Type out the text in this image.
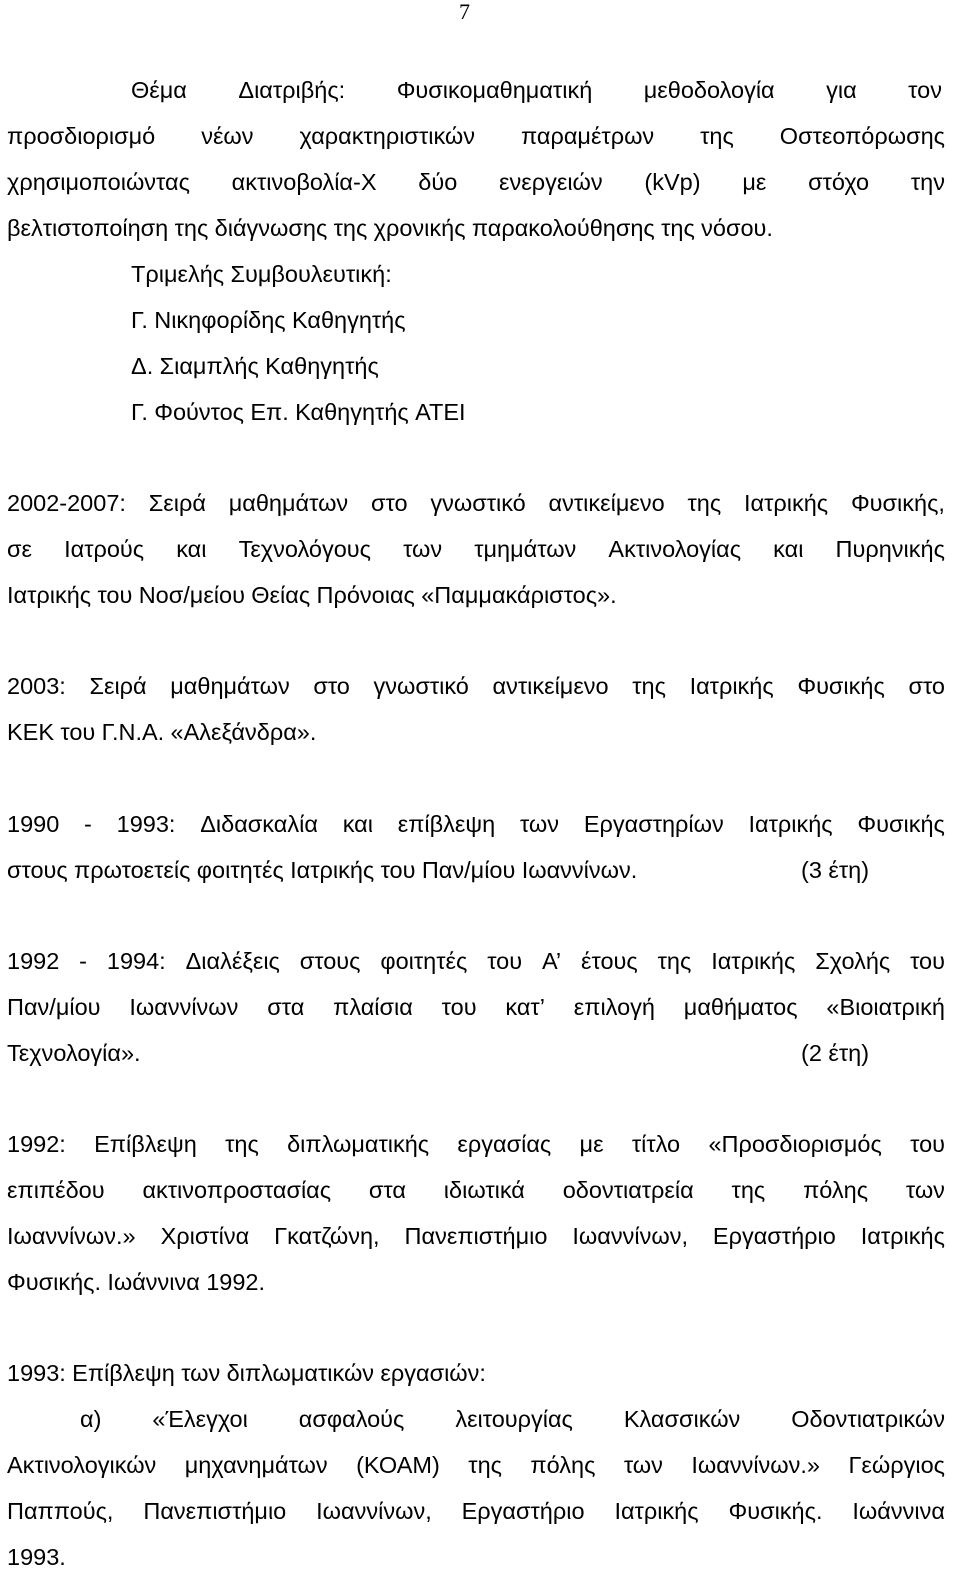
7
Θέμα Διατριβής: Φυσικομαθηματική μεθοδολογία για τον
προσδιορισμό νέων χαρακτηριστικών παραμέτρων της Οστεοπόρωσης
χρησιμοποιώντας ακτινοβολία-X δύο ενεργειών (kVp) με στόχο την
βελτιστοποίηση της διάγνωσης της χρονικής παρακολούθησης της νόσου.
Τριμελής Συμβουλευτική:
Γ. Νικηφορίδης Καθηγητής
Δ. Σιαμπλής Καθηγητής
Γ. Φούντος Επ. Καθηγητής ΑΤΕΙ
2002-2007: Σειρά μαθημάτων στο γνωστικό αντικείμενο της Ιατρικής Φυσικής,
σε Ιατρούς και Τεχνολόγους των τμημάτων Ακτινολογίας και Πυρηνικής
Ιατρικής του Νοσ/μείου Θείας Πρόνοιας «Παμμακάριστος».
2003: Σειρά μαθημάτων στο γνωστικό αντικείμενο της Ιατρικής Φυσικής στο
ΚΕΚ του Γ.Ν.Α. «Αλεξάνδρα».
1990 - 1993: Διδασκαλία και επίβλεψη των Εργαστηρίων Ιατρικής Φυσικής
στους πρωτοετείς φοιτητές Ιατρικής του Παν/μίου Ιωαννίνων.	(3 έτη)
1992 - 1994: Διαλέξεις στους φοιτητές του Α’ έτους της Ιατρικής Σχολής του
Παν/μίου Ιωαννίνων στα πλαίσια του κατ’ επιλογή μαθήματος «Βιοιατρική
Τεχνολογία».	(2 έτη)
1992: Επίβλεψη της διπλωματικής εργασίας με τίτλο «Προσδιορισμός του
επιπέδου ακτινοπροστασίας στα ιδιωτικά οδοντιατρεία της πόλης των
Ιωαννίνων.» Χριστίνα Γκατζώνη, Πανεπιστήμιο Ιωαννίνων, Εργαστήριο Ιατρικής
Φυσικής. Ιωάννινα 1992.
1993: Επίβλεψη των διπλωματικών εργασιών:
α) «Έλεγχοι ασφαλούς λειτουργίας Κλασσικών Οδοντιατρικών
Ακτινολογικών μηχανημάτων (ΚΟΑΜ) της πόλης των Ιωαννίνων.» Γεώργιος
Παππούς, Πανεπιστήμιο Ιωαννίνων, Εργαστήριο Ιατρικής Φυσικής. Ιωάννινα
1993.
